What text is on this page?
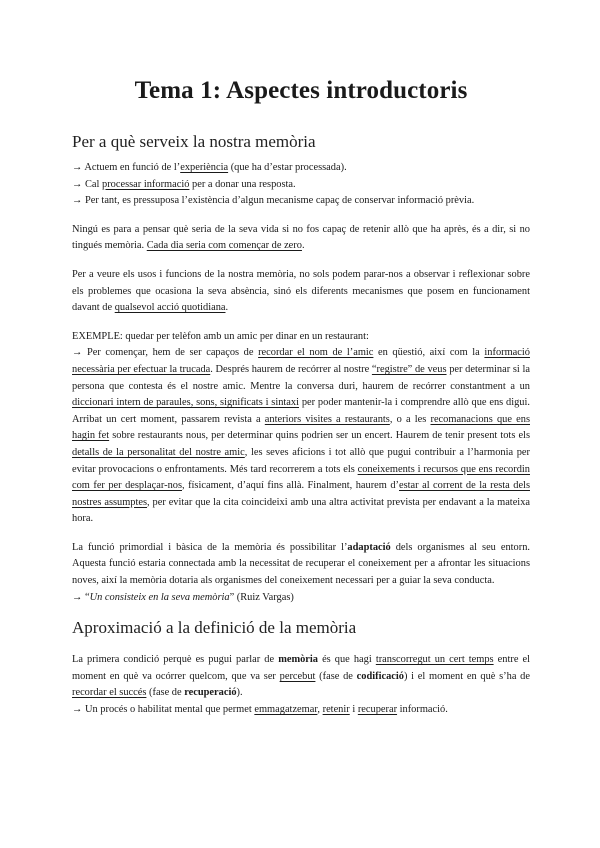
Tema 1: Aspectes introductoris
Per a què serveix la nostra memòria

→ Actuem en funció de l’experiència (que ha d’estar processada).

→ Cal processar informació per a donar una resposta.

→ Per tant, es pressuposa l’existència d’algun mecanisme capaç de conservar informació prèvia.

Ningú es para a pensar què seria de la seva vida si no fos capaç de retenir allò que ha après, és a dir, si no tingués memòria. Cada dia seria com començar de zero.

Per a veure els usos i funcions de la nostra memòria, no sols podem parar-nos a observar i reflexionar sobre els problemes que ocasiona la seva absència, sinó els diferents mecanismes que posem en funcionament davant de qualsevol acció quotidiana.

EXEMPLE: quedar per telèfon amb un amic per dinar en un restaurant:

→ Per començar, hem de ser capaços de recordar el nom de l’amic en qüestió, així com la informació necessària per efectuar la trucada. Després haurem de recórrer al nostre “registre” de veus per determinar si la persona que contesta és el nostre amic. Mentre la conversa duri, haurem de recórrer constantment a un diccionari intern de paraules, sons, significats i sintaxi per poder mantenir-la i comprendre allò que ens digui. Arribat un cert moment, passarem revista a anteriors visites a restaurants, o a les recomanacions que ens hagin fet sobre restaurants nous, per determinar quins podrien ser un encert. Haurem de tenir present tots els detalls de la personalitat del nostre amic, les seves aficions i tot allò que pugui contribuir a l’harmonia per evitar provocacions o enfrontaments. Més tard recorrerem a tots els coneixements i recursos que ens recordin com fer per desplaçar-nos, físicament, d’aquí fins allà. Finalment, haurem d’estar al corrent de la resta dels nostres assumptes, per evitar que la cita coincideixi amb una altra activitat prevista per endavant a la mateixa hora.

La funció primordial i bàsica de la memòria és possibilitar l’adaptació dels organismes al seu entorn. Aquesta funció estaria connectada amb la necessitat de recuperar el coneixement per a afrontar les situacions noves, així la memòria dotaria als organismes del coneixement necessari per a guiar la seva conducta.

→ “Un consisteix en la seva memòria” (Ruiz Vargas)

Aproximació a la definició de la memòria

La primera condició perquè es pugui parlar de memòria és que hagi transcorregut un cert temps entre el moment en què va ocórrer quelcom, que va ser percebut (fase de codificació) i el moment en què s’ha de recordar el succés (fase de recuperació).

→ Un procés o habilitat mental que permet emmagatzemar, retenir i recuperar informació.
